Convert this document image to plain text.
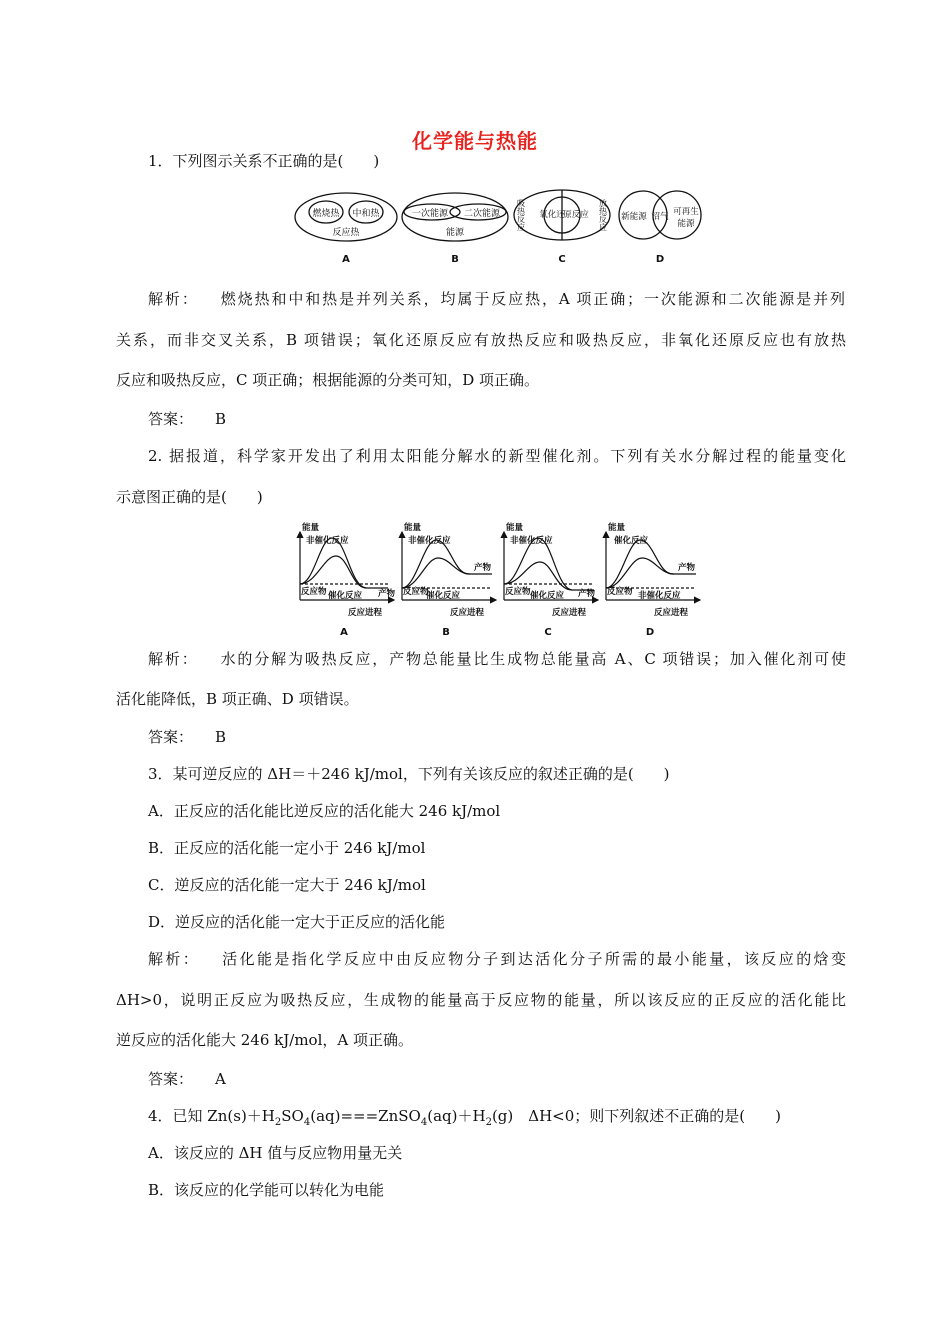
化学能与热能
1．下列图示关系不正确的是(　　)
燃烧热 中和热
反应热
A
一次能源 二次能源
能源
B
吸热反应 氧化还
原反应 放热反应
C
新能源 沼气 可再生
能源
D
解析： 燃烧热和中和热是并列关系，均属于反应热，A 项正确；一次能源和二次能源是并列
关系，而非交叉关系，B 项错误；氧化还原反应有放热反应和吸热反应，非氧化还原反应也有放热
反应和吸热反应，C 项正确；根据能源的分类可知，D 项正确。
答案： B
2. 据报道，科学家开发出了利用太阳能分解水的新型催化剂。下列有关水分解过程的能量变化
示意图正确的是(　　)
能量
非催化反应
催化反应
反应物	产物
反应进程
A
能量
非催化反应
催化反应
反应物
产物
反应进程
B
能量
非催化反应
催化反应
反应物	产物
反应进程
C
能量
催化反应
非催化反应
反应物
产物
反应进程
D
解析： 水的分解为吸热反应，产物总能量比生成物总能量高 A、C 项错误；加入催化剂可使
活化能降低，B 项正确、D 项错误。
答案： B
3．某可逆反应的 ΔH＝＋246 kJ/mol，下列有关该反应的叙述正确的是(　　)
A．正反应的活化能比逆反应的活化能大 246 kJ/mol
B．正反应的活化能一定小于 246 kJ/mol
C．逆反应的活化能一定大于 246 kJ/mol
D．逆反应的活化能一定大于正反应的活化能
解析： 活化能是指化学反应中由反应物分子到达活化分子所需的最小能量，该反应的焓变
ΔH>0，说明正反应为吸热反应，生成物的能量高于反应物的能量，所以该反应的正反应的活化能比
逆反应的活化能大 246 kJ/mol，A 项正确。
答案： A
4．已知 $Zn(s)+H_2SO_4(aq)===ZnSO_4(aq)+H_2(g)$　ΔH<0；则下列叙述不正确的是(　　)
A．该反应的 ΔH 值与反应物用量无关
B．该反应的化学能可以转化为电能
